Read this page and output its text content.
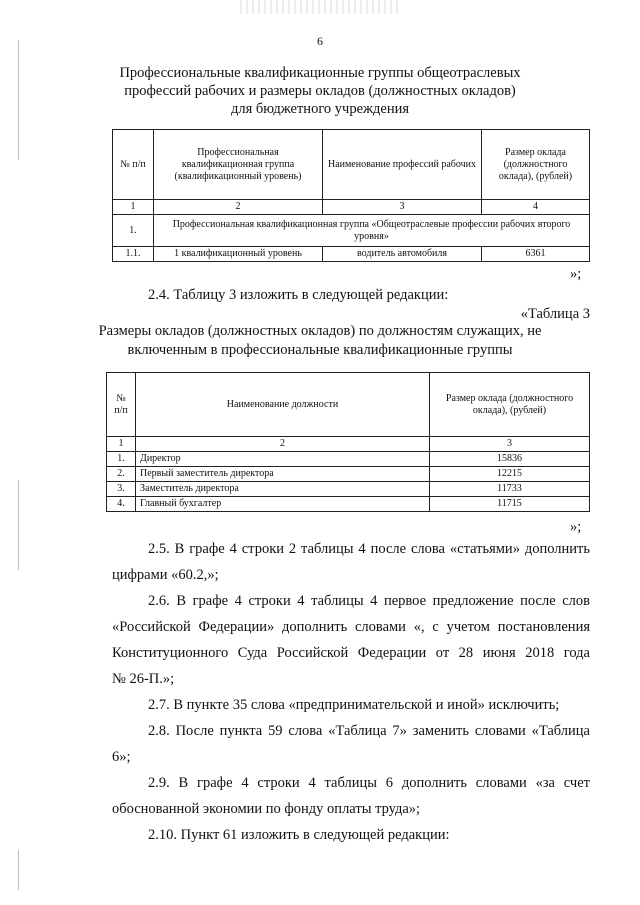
6
Профессиональные квалификационные группы общеотраслевых
профессий рабочих и размеры окладов (должностных окладов)
для бюджетного учреждения
№ п/п	Профессиональная квалификационная группа (квалификационный уровень)	Наименование профессий рабочих	Размер оклада (должностного оклада), (рублей)
1	2	3	4
1.	Профессиональная квалификационная группа «Общеотраслевые профессии рабочих второго уровня»		
1.1.	1 квалификационный уровень	водитель автомобиля	6361
»;
2.4. Таблицу 3 изложить в следующей редакции:
«Таблица 3
Размеры окладов (должностных окладов) по должностям служащих, не
включенным в профессиональные квалификационные группы
№ п/п	Наименование должности	Размер оклада (должностного оклада), (рублей)
1	2	3
1.	Директор	15836
2.	Первый заместитель директора	12215
3.	Заместитель директора	11733
4.	Главный бухгалтер	11715
»;
2.5. В графе 4 строки 2 таблицы 4 после слова «статьями» дополнить
цифрами «60.2,»;
2.6. В графе 4 строки 4 таблицы 4 первое предложение после слов
«Российской Федерации» дополнить словами «, с учетом постановления
Конституционного Суда Российской Федерации от 28 июня 2018 года
№ 26-П.»;
2.7. В пункте 35 слова «предпринимательской и иной» исключить;
2.8. После пункта 59 слова «Таблица 7» заменить словами «Таблица
6»;
2.9. В графе 4 строки 4 таблицы 6 дополнить словами «за счет
обоснованной экономии по фонду оплаты труда»;
2.10. Пункт 61 изложить в следующей редакции:
